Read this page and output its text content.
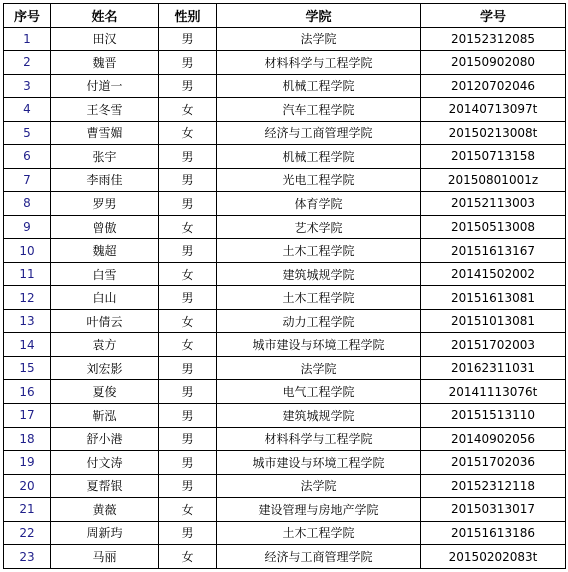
序号	姓名	性别	学院	学号
1	田汉	男	法学院	20152312085
2	魏晋	男	材料科学与工程学院	20150902080
3	付道一	男	机械工程学院	20120702046
4	王冬雪	女	汽车工程学院	20140713097t
5	曹雪媚	女	经济与工商管理学院	20150213008t
6	张宇	男	机械工程学院	20150713158
7	李雨佳	男	光电工程学院	20150801001z
8	罗男	男	体育学院	20152113003
9	曾傲	女	艺术学院	20150513008
10	魏超	男	土木工程学院	20151613167
11	白雪	女	建筑城规学院	20141502002
12	白山	男	土木工程学院	20151613081
13	叶倩云	女	动力工程学院	20151013081
14	袁方	女	城市建设与环境工程学院	20151702003
15	刘宏影	男	法学院	20162311031
16	夏俊	男	电气工程学院	20141113076t
17	靳泓	男	建筑城规学院	20151513110
18	舒小港	男	材料科学与工程学院	20140902056
19	付文涛	男	城市建设与环境工程学院	20151702036
20	夏帮银	男	法学院	20152312118
21	黄薇	女	建设管理与房地产学院	20150313017
22	周新玙	男	土木工程学院	20151613186
23	马丽	女	经济与工商管理学院	20150202083t
